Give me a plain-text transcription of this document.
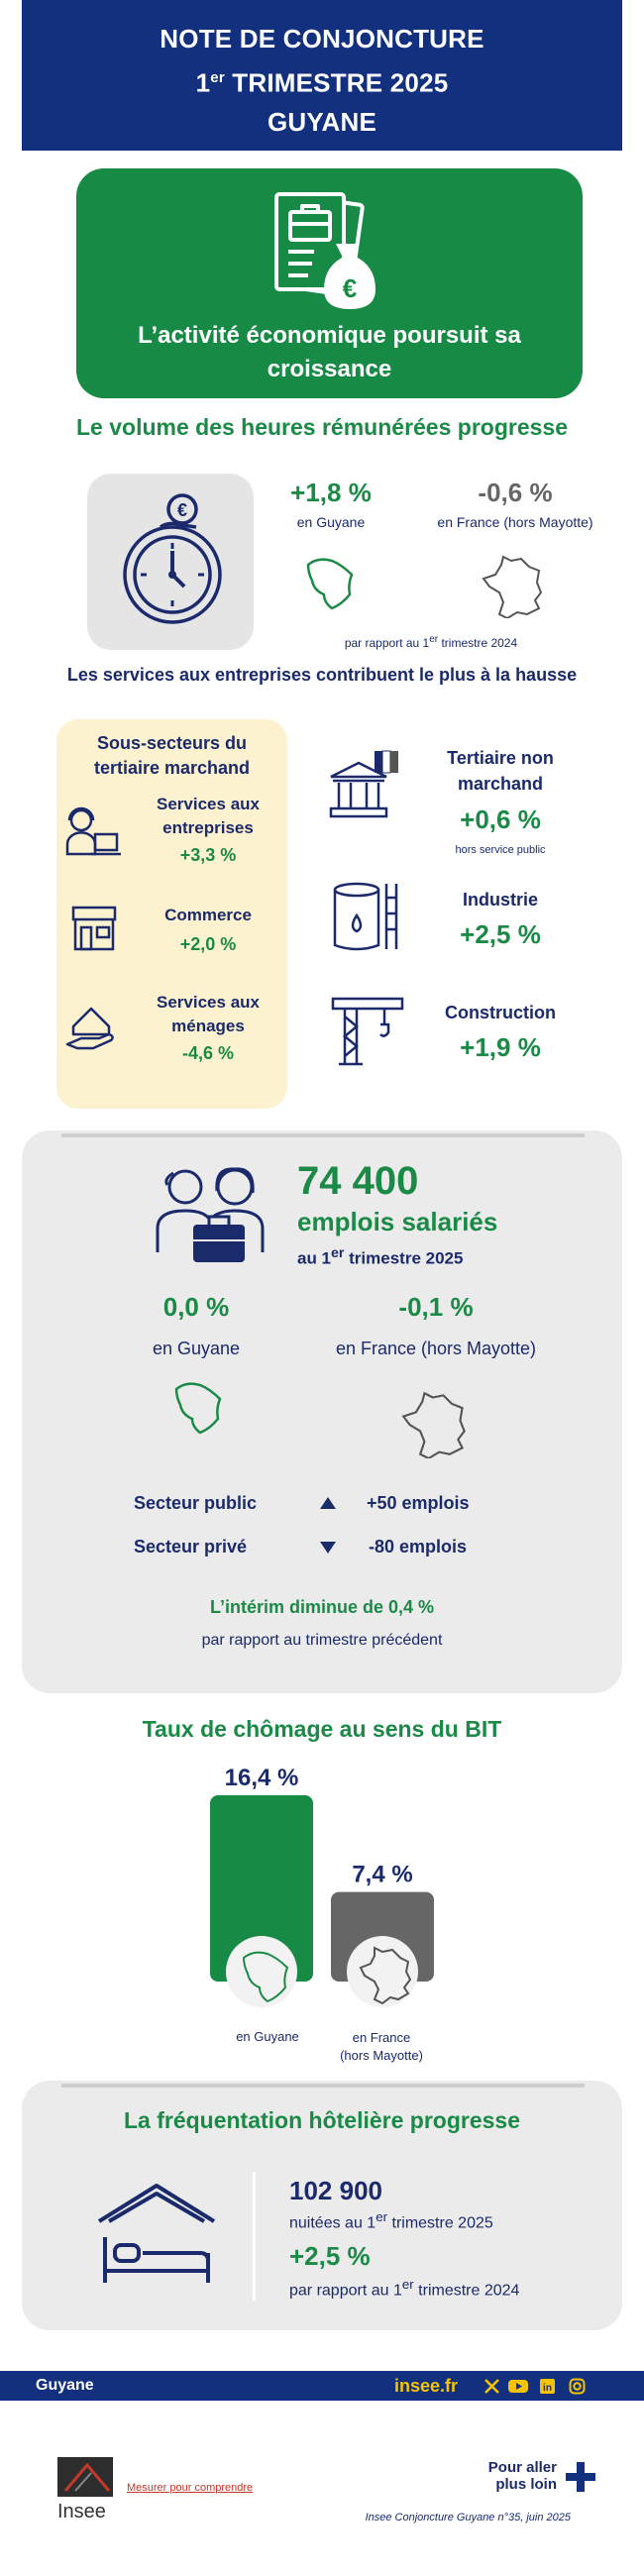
NOTE DE CONJONCTURE
1er TRIMESTRE 2025
GUYANE
€
L’activité économique poursuit sa croissance
Le volume des heures rémunérées progresse
€
+1,8 %
en Guyane
-0,6 %
en France (hors Mayotte)
par rapport au 1er trimestre 2024
Les services aux entreprises contribuent le plus à la hausse
Sous-secteurs du tertiaire marchand
Services aux entreprises
+3,3 %
Commerce
+2,0 %
Services aux ménages
-4,6 %
Tertiaire non marchand
+0,6 %
hors service public
Industrie
+2,5 %
Construction
+1,9 %
74 400
emplois salariés
au 1er trimestre 2025
0,0 %
en Guyane
-0,1 %
en France (hors Mayotte)
Secteur public	+50 emplois
Secteur privé	-80 emplois
L’intérim diminue de 0,4 %
par rapport au trimestre précédent
Taux de chômage au sens du BIT
16,4 %
7,4 %
en Guyane	en France
(hors Mayotte)
La fréquentation hôtelière progresse
102 900
nuitées au 1er trimestre 2025
+2,5 %
par rapport au 1er trimestre 2024
Guyane	insee.fr	in
Insee
Mesurer pour comprendre
Pour aller
plus loin
Insee Conjoncture Guyane n°35, juin 2025
